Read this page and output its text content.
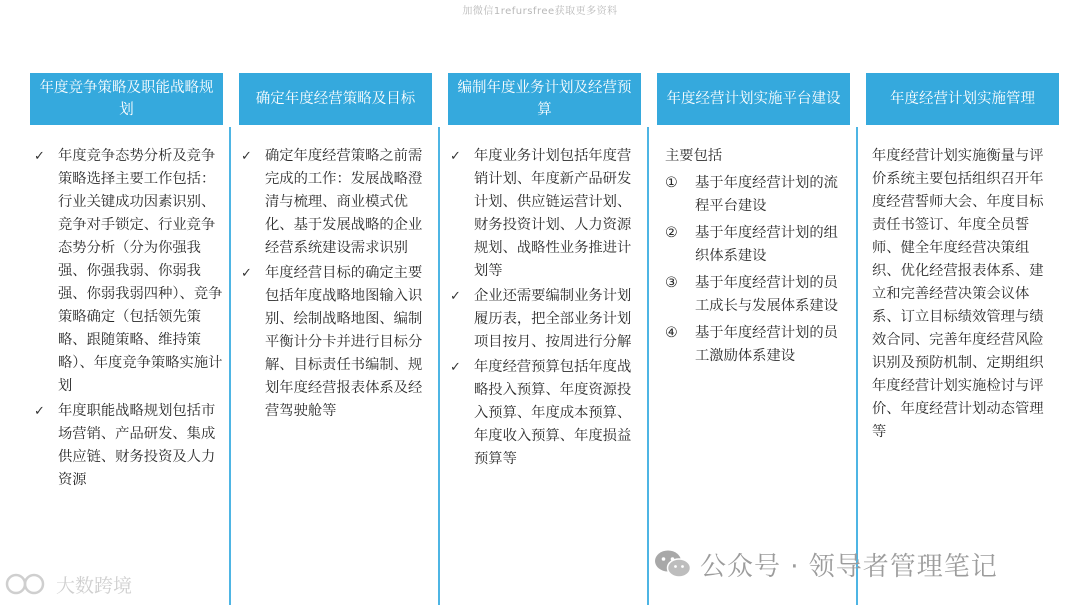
加微信1refursfree获取更多资料
年度竞争策略及职能战略规划
✓ 年度竞争态势分析及竞争策略选择主要工作包括：行业关键成功因素识别、竞争对手锁定、行业竞争态势分析（分为你强我强、你强我弱、你弱我强、你弱我弱四种）、竞争策略确定（包括领先策略、跟随策略、维持策略）、年度竞争策略实施计划
✓ 年度职能战略规划包括市场营销、产品研发、集成供应链、财务投资及人力资源
确定年度经营策略及目标
✓ 确定年度经营策略之前需完成的工作：发展战略澄清与梳理、商业模式优化、基于发展战略的企业经营系统建设需求识别
✓ 年度经营目标的确定主要包括年度战略地图输入识别、绘制战略地图、编制平衡计分卡并进行目标分解、目标责任书编制、规划年度经营报表体系及经营驾驶舱等
编制年度业务计划及经营预算
✓ 年度业务计划包括年度营销计划、年度新产品研发计划、供应链运营计划、财务投资计划、人力资源规划、战略性业务推进计划等
✓ 企业还需要编制业务计划履历表，把全部业务计划项目按月、按周进行分解
✓ 年度经营预算包括年度战略投入预算、年度资源投入预算、年度成本预算、年度收入预算、年度损益预算等
年度经营计划实施平台建设

主要包括

① 基于年度经营计划的流程平台建设
② 基于年度经营计划的组织体系建设
③ 基于年度经营计划的员工成长与发展体系建设
④ 基于年度经营计划的员工激励体系建设
年度经营计划实施管理

年度经营计划实施衡量与评价系统主要包括组织召开年度经营誓师大会、年度目标责任书签订、年度全员誓师、健全年度经营决策组织、优化经营报表体系、建立和完善经营决策会议体系、订立目标绩效管理与绩效合同、完善年度经营风险识别及预防机制、定期组织年度经营计划实施检讨与评价、年度经营计划动态管理等

公众号 · 领导者管理笔记
大数跨境
